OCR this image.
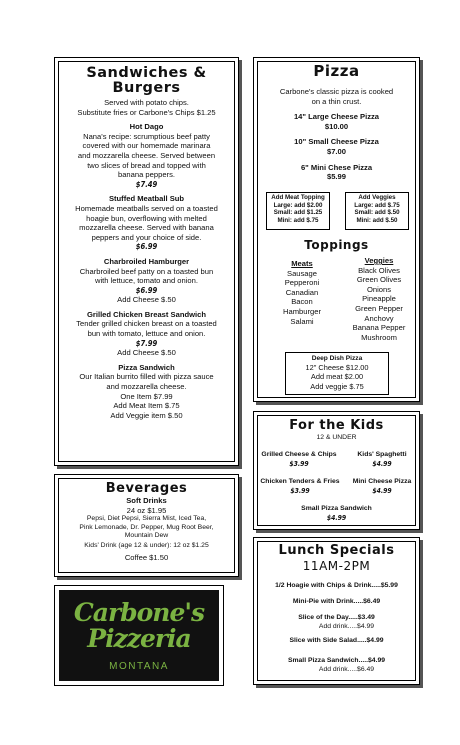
Sandwiches &
Burgers
Served with potato chips.
Substitute fries or Carbone's Chips $1.25
Hot Dago
Nana's recipe: scrumptious beef patty
covered with our homemade marinara
and mozzarella cheese. Served between
two slices of bread and topped with
banana peppers.
$7.49
Stuffed Meatball Sub
Homemade meatballs served on a toasted
hoagie bun, overflowing with melted
mozzarella cheese. Served with banana
peppers and your choice of side.
$6.99
Charbroiled Hamburger
Charbroiled beef patty on a toasted bun
with lettuce, tomato and onion.
$6.99
Add Cheese $.50
Grilled Chicken Breast Sandwich
Tender grilled chicken breast on a toasted
bun with tomato, lettuce and onion.
$7.99
Add Cheese $.50
Pizza Sandwich
Our Italian burrito filled with pizza sauce
and mozzarella cheese.
One Item $7.99
Add Meat Item $.75
Add Veggie item $.50
Beverages
Soft Drinks
24 oz $1.95
Pepsi, Diet Pepsi, Sierra Mist, Iced Tea,
Pink Lemonade, Dr. Pepper, Mug Root Beer,
Mountain Dew
Kids' Drink (age 12 & under): 12 oz $1.25
Coffee $1.50
Carbone's
Pizzeria
MONTANA
Pizza
Carbone's classic pizza is cooked
on a thin crust.
14" Large Cheese Pizza
$10.00
10" Small Cheese Pizza
$7.00
6" Mini Chese Pizza
$5.99
Add Meat Topping
Large: add $2.00
Small: add $1.25
Mini: add $.75
Add Veggies
Large: add $.75
Small: add $.50
Mini: add $.50
Toppings
Meats
Sausage
Pepperoni
Canadian
Bacon
Hamburger
Salami
Veggies
Black Olives
Green Olives
Onions
Pineapple
Green Pepper
Anchovy
Banana Pepper
Mushroom
Deep Dish Pizza
12" Cheese $12.00
Add meat $2.00
Add veggie $.75
For the Kids
12 & UNDER
Grilled Cheese & Chips
$3.99
Kids' Spaghetti
$4.99
Chicken Tenders & Fries
$3.99
Mini Cheese Pizza
$4.99
Small Pizza Sandwich
$4.99
Lunch Specials
11AM-2PM
1/2 Hoagie with Chips & Drink.....$5.99
Mini-Pie with Drink.....$6.49
Slice of the Day.....$3.49
Add drink.....$4.99
Slice with Side Salad.....$4.99
Small Pizza Sandwich.....$4.99
Add drink.....$6.49
